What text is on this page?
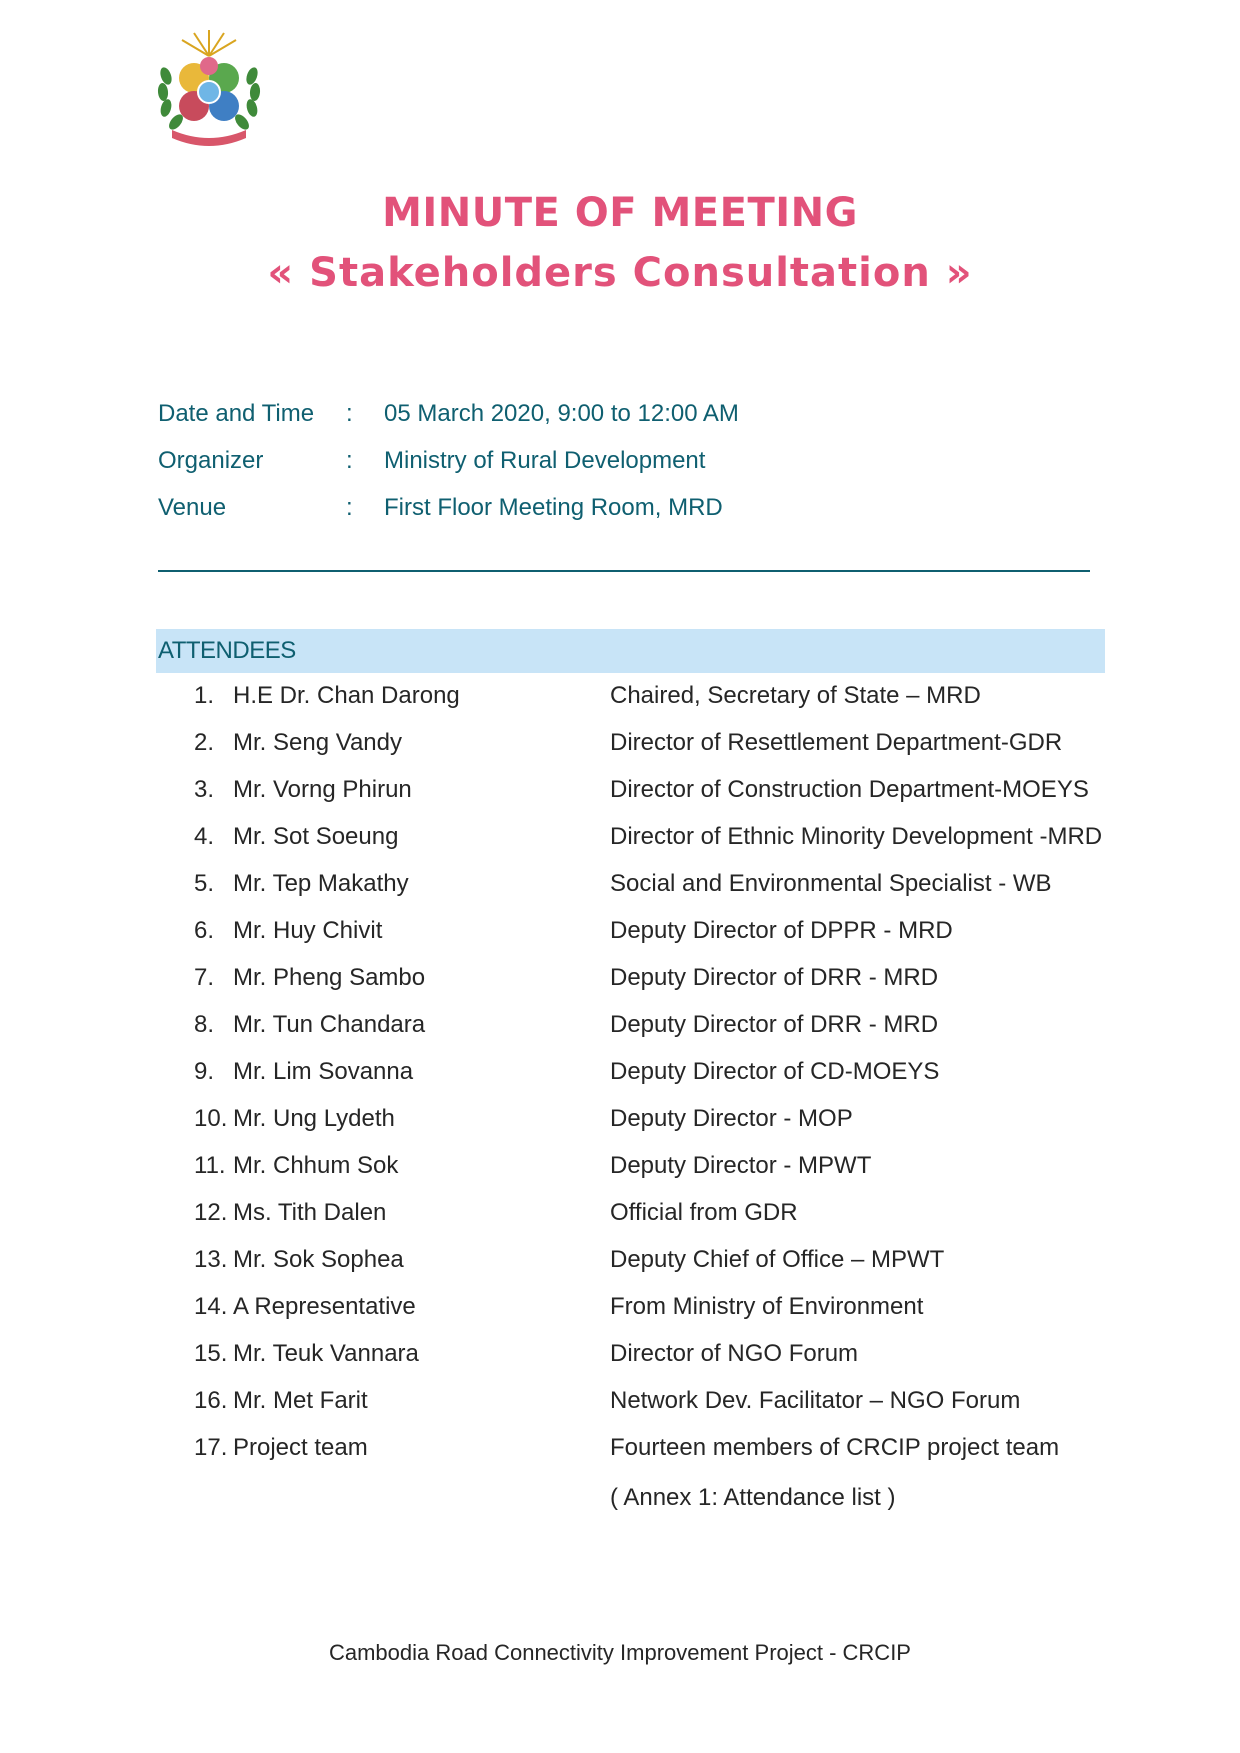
MINUTE OF MEETING
« Stakeholders Consultation »
Date and Time : 05 March 2020, 9:00 to 12:00 AM
Organizer	: Ministry of Rural Development
Venue	: First Floor Meeting Room, MRD
ATTENDEES
1. H.E Dr. Chan Darong	Chaired, Secretary of State – MRD
2. Mr. Seng Vandy	Director of Resettlement Department-GDR
3. Mr. Vorng Phirun	Director of Construction Department-MOEYS
4. Mr. Sot Soeung	Director of Ethnic Minority Development -MRD
5. Mr. Tep Makathy	Social and Environmental Specialist - WB
6. Mr. Huy Chivit	Deputy Director of DPPR - MRD
7. Mr. Pheng Sambo	Deputy Director of DRR - MRD
8. Mr. Tun Chandara	Deputy Director of DRR - MRD
9. Mr. Lim Sovanna	Deputy Director of CD-MOEYS
10. Mr. Ung Lydeth	Deputy Director - MOP
11. Mr. Chhum Sok	Deputy Director - MPWT
12. Ms. Tith Dalen	Official from GDR
13. Mr. Sok Sophea	Deputy Chief of Office – MPWT
14. A Representative	From Ministry of Environment
15. Mr. Teuk Vannara	Director of NGO Forum
16. Mr. Met Farit	Network Dev. Facilitator – NGO Forum
17. Project team	Fourteen members of CRCIP project team
( Annex 1: Attendance list )
Cambodia Road Connectivity Improvement Project - CRCIP
